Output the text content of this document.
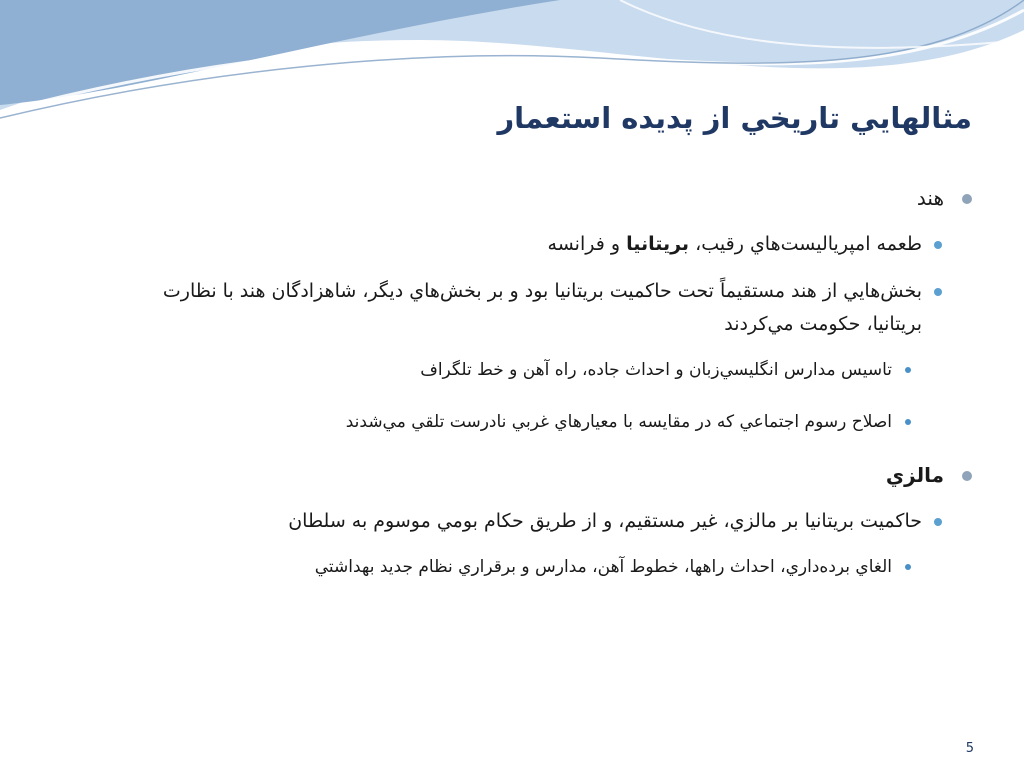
مثالهايي تاريخي از پديده استعمار
هند
طعمه امپرياليست‌هاي رقيب، بريتانيا و فرانسه
بخش‌هايي از هند مستقيماً تحت حاكميت بريتانيا بود و بر بخش‌هاي ديگر، شاهزادگان هند با نظارت بريتانيا، حكومت مي‌كردند
تاسيس مدارس انگليسي‌زبان و احداث جاده، راه آهن و خط تلگراف
اصلاح رسوم اجتماعي كه در مقايسه با معيارهاي غربي نادرست تلقي مي‌شدند
مالزي
حاكميت بريتانيا بر مالزي، غير مستقيم، و از طريق حكام بومي موسوم به سلطان
الغاي برده‌داري، احداث راهها، خطوط آهن، مدارس و برقراري نظام جديد بهداشتي
5
